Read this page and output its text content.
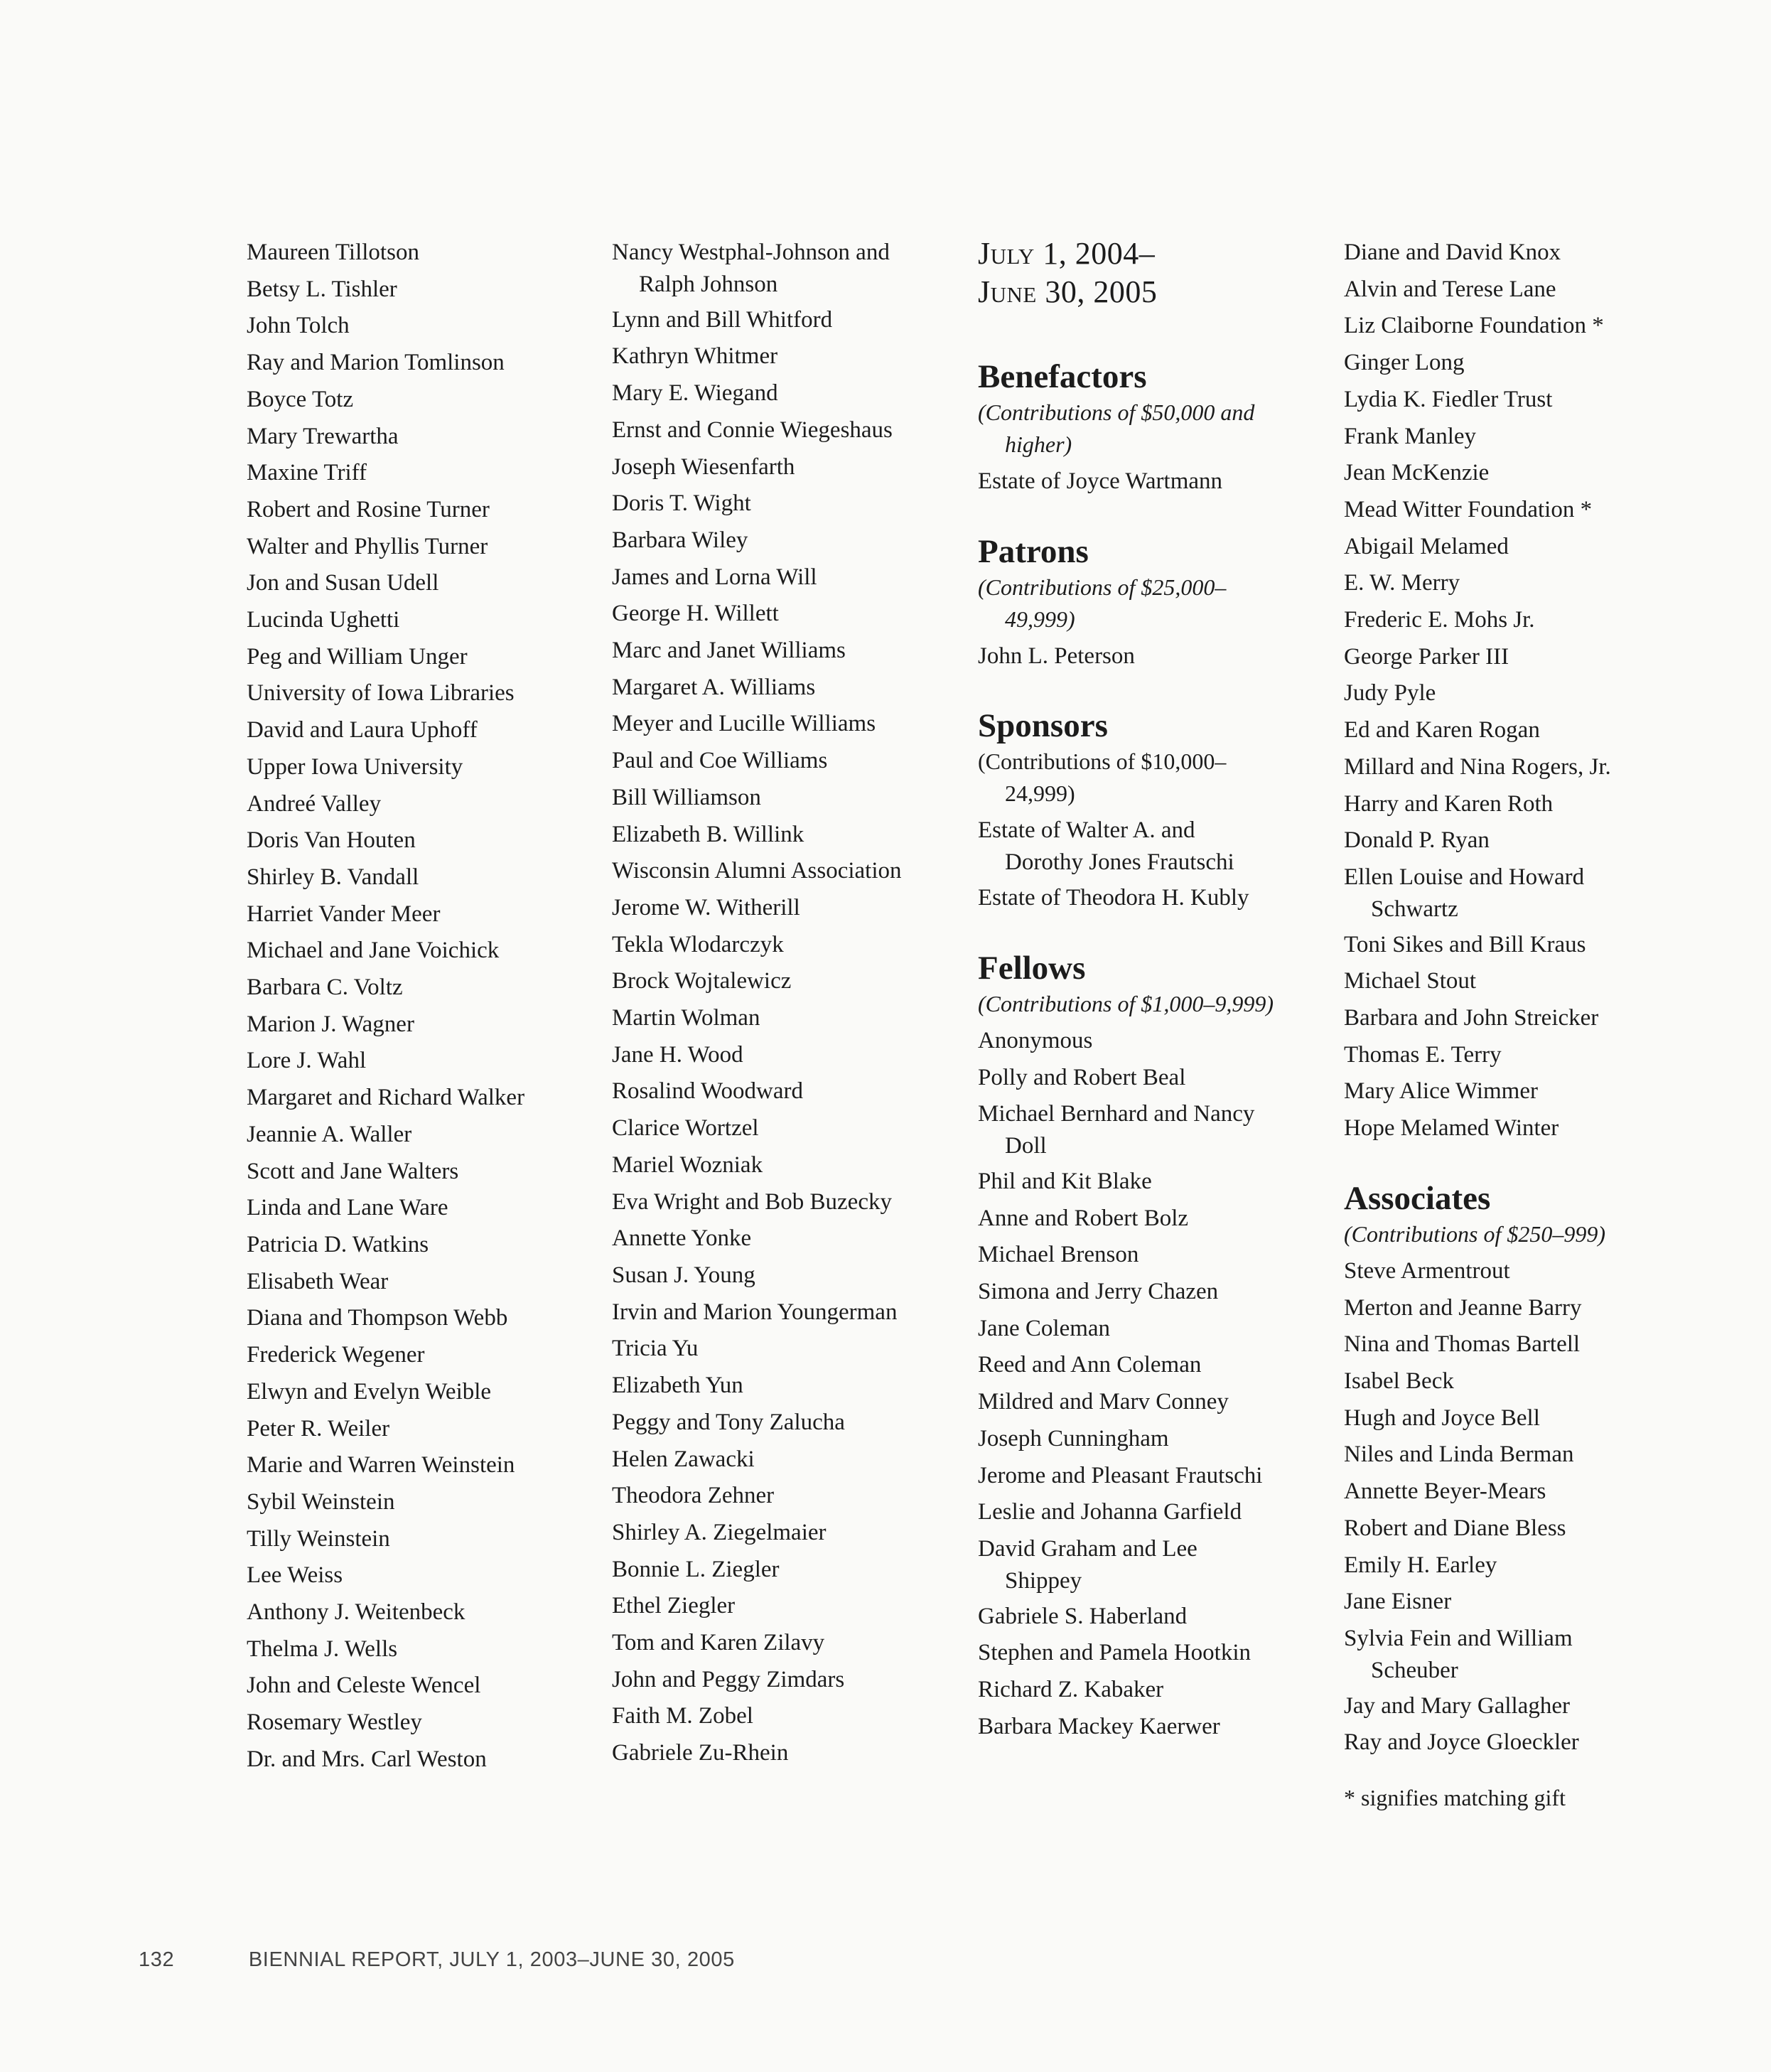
Maureen Tillotson

Betsy L. Tishler

John Tolch

Ray and Marion Tomlinson

Boyce Totz

Mary Trewartha

Maxine Triff

Robert and Rosine Turner

Walter and Phyllis Turner

Jon and Susan Udell

Lucinda Ughetti

Peg and William Unger

University of Iowa Libraries

David and Laura Uphoff

Upper Iowa University

Andreé Valley

Doris Van Houten

Shirley B. Vandall

Harriet Vander Meer

Michael and Jane Voichick

Barbara C. Voltz

Marion J. Wagner

Lore J. Wahl

Margaret and Richard Walker

Jeannie A. Waller

Scott and Jane Walters

Linda and Lane Ware

Patricia D. Watkins

Elisabeth Wear

Diana and Thompson Webb

Frederick Wegener

Elwyn and Evelyn Weible

Peter R. Weiler

Marie and Warren Weinstein

Sybil Weinstein

Tilly Weinstein

Lee Weiss

Anthony J. Weitenbeck

Thelma J. Wells

John and Celeste Wencel

Rosemary Westley

Dr. and Mrs. Carl Weston

Nancy Westphal-Johnson and
Ralph Johnson

Lynn and Bill Whitford

Kathryn Whitmer

Mary E. Wiegand

Ernst and Connie Wiegeshaus

Joseph Wiesenfarth

Doris T. Wight

Barbara Wiley

James and Lorna Will

George H. Willett

Marc and Janet Williams

Margaret A. Williams

Meyer and Lucille Williams

Paul and Coe Williams

Bill Williamson

Elizabeth B. Willink

Wisconsin Alumni Association

Jerome W. Witherill

Tekla Wlodarczyk

Brock Wojtalewicz

Martin Wolman

Jane H. Wood

Rosalind Woodward

Clarice Wortzel

Mariel Wozniak

Eva Wright and Bob Buzecky

Annette Yonke

Susan J. Young

Irvin and Marion Youngerman

Tricia Yu

Elizabeth Yun

Peggy and Tony Zalucha

Helen Zawacki

Theodora Zehner

Shirley A. Ziegelmaier

Bonnie L. Ziegler

Ethel Ziegler

Tom and Karen Zilavy

John and Peggy Zimdars

Faith M. Zobel

Gabriele Zu-Rhein

July 1, 2004–

June 30, 2005

Benefactors

(Contributions of $50,000 and
higher)

Estate of Joyce Wartmann

Patrons

(Contributions of $25,000–
49,999)

John L. Peterson

Sponsors

(Contributions of $10,000–
24,999)

Estate of Walter A. and
Dorothy Jones Frautschi

Estate of Theodora H. Kubly

Fellows

(Contributions of $1,000–9,999)

Anonymous

Polly and Robert Beal

Michael Bernhard and Nancy
Doll

Phil and Kit Blake

Anne and Robert Bolz

Michael Brenson

Simona and Jerry Chazen

Jane Coleman

Reed and Ann Coleman

Mildred and Marv Conney

Joseph Cunningham

Jerome and Pleasant Frautschi

Leslie and Johanna Garfield

David Graham and Lee
Shippey

Gabriele S. Haberland

Stephen and Pamela Hootkin

Richard Z. Kabaker

Barbara Mackey Kaerwer

Diane and David Knox

Alvin and Terese Lane

Liz Claiborne Foundation *

Ginger Long

Lydia K. Fiedler Trust

Frank Manley

Jean McKenzie

Mead Witter Foundation *

Abigail Melamed

E. W. Merry

Frederic E. Mohs Jr.

George Parker III

Judy Pyle

Ed and Karen Rogan

Millard and Nina Rogers, Jr.

Harry and Karen Roth

Donald P. Ryan

Ellen Louise and Howard
Schwartz

Toni Sikes and Bill Kraus

Michael Stout

Barbara and John Streicker

Thomas E. Terry

Mary Alice Wimmer

Hope Melamed Winter

Associates

(Contributions of $250–999)

Steve Armentrout

Merton and Jeanne Barry

Nina and Thomas Bartell

Isabel Beck

Hugh and Joyce Bell

Niles and Linda Berman

Annette Beyer-Mears

Robert and Diane Bless

Emily H. Earley

Jane Eisner

Sylvia Fein and William
Scheuber

Jay and Mary Gallagher

Ray and Joyce Gloeckler

* signifies matching gift

132	BIENNIAL REPORT, JULY 1, 2003–JUNE 30, 2005
